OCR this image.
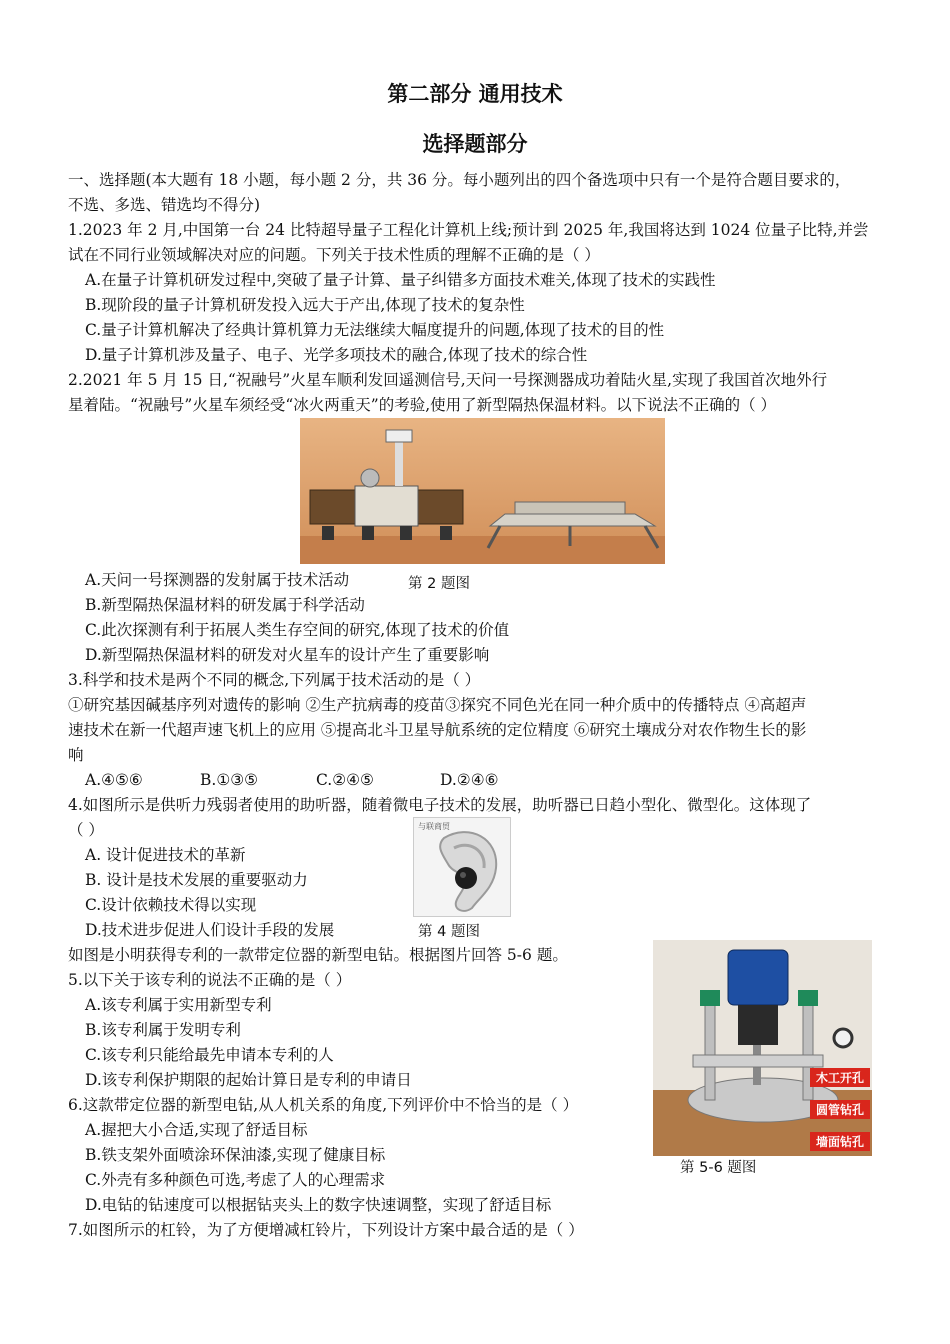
第二部分 通用技术
选择题部分
一、选择题(本大题有 18 小题，每小题 2 分，共 36 分。每小题列出的四个备选项中只有一个是符合题目要求的，
不选、多选、错选均不得分)
1.2023 年 2 月,中国第一台 24 比特超导量子工程化计算机上线;预计到 2025 年,我国将达到 1024 位量子比特,并尝
试在不同行业领域解决对应的问题。下列关于技术性质的理解不正确的是（ ）
A.在量子计算机研发过程中,突破了量子计算、量子纠错多方面技术难关,体现了技术的实践性
B.现阶段的量子计算机研发投入远大于产出,体现了技术的复杂性
C.量子计算机解决了经典计算机算力无法继续大幅度提升的问题,体现了技术的目的性
D.量子计算机涉及量子、电子、光学多项技术的融合,体现了技术的综合性
2.2021 年 5 月 15 日,“祝融号”火星车顺利发回遥测信号,天问一号探测器成功着陆火星,实现了我国首次地外行
星着陆。“祝融号”火星车须经受“冰火两重天”的考验,使用了新型隔热保温材料。以下说法不正确的（ ）
第 2 题图
A.天问一号探测器的发射属于技术活动
B.新型隔热保温材料的研发属于科学活动
C.此次探测有利于拓展人类生存空间的研究,体现了技术的价值
D.新型隔热保温材料的研发对火星车的设计产生了重要影响
3.科学和技术是两个不同的概念,下列属于技术活动的是（ ）
①研究基因碱基序列对遗传的影响 ②生产抗病毒的疫苗③探究不同色光在同一种介质中的传播特点 ④高超声
速技术在新一代超声速飞机上的应用 ⑤提高北斗卫星导航系统的定位精度 ⑥研究土壤成分对农作物生长的影
响
A.④⑤⑥	B.①③⑤	C.②④⑤	D.②④⑥
4.如图所示是供听力残弱者使用的助听器，随着微电子技术的发展，助听器已日趋小型化、微型化。这体现了
（ ）	与联商贸
第 4 题图
A. 设计促进技术的革新
B. 设计是技术发展的重要驱动力
C.设计依赖技术得以实现
D.技术进步促进人们设计手段的发展
如图是小明获得专利的一款带定位器的新型电钻。根据图片回答 5-6 题。
木工开孔
圆管钻孔
墙面钻孔
第 5-6 题图
5.以下关于该专利的说法不正确的是（ ）
A.该专利属于实用新型专利
B.该专利属于发明专利
C.该专利只能给最先申请本专利的人
D.该专利保护期限的起始计算日是专利的申请日
6.这款带定位器的新型电钻,从人机关系的角度,下列评价中不恰当的是（ ）
A.握把大小合适,实现了舒适目标
B.铁支架外面喷涂环保油漆,实现了健康目标
C.外壳有多种颜色可选,考虑了人的心理需求
D.电钻的钻速度可以根据钻夹头上的数字快速调整，实现了舒适目标
7.如图所示的杠铃，为了方便增减杠铃片，下列设计方案中最合适的是（ ）
